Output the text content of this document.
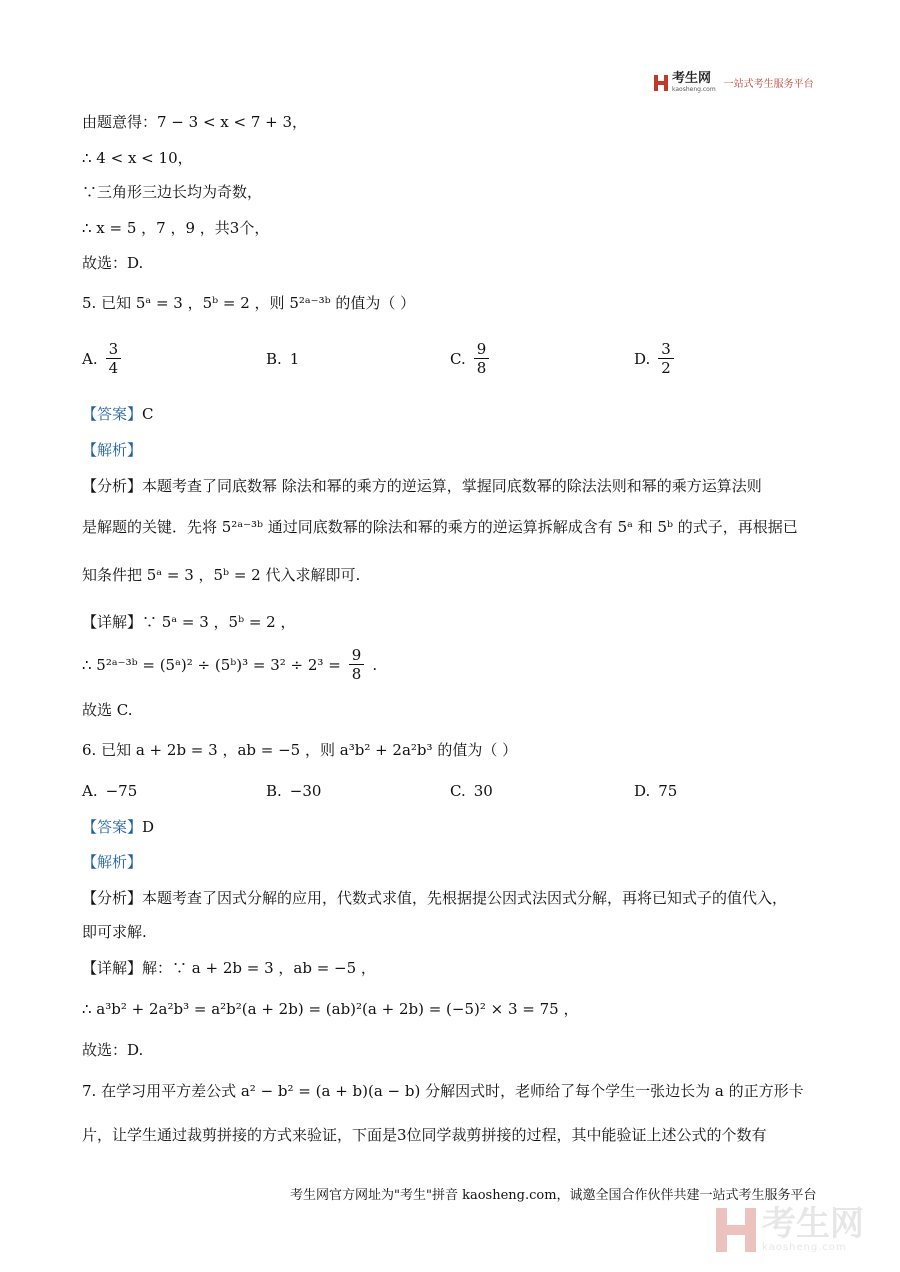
考生网
kaosheng.com 一站式考生服务平台
由题意得：7 − 3 < x < 7 + 3，
∴ 4 < x < 10，
∵三角形三边长均为奇数，
∴ x = 5 ，7 ，9 ，共3个，
故选：D.
5. 已知 5ᵃ = 3 ，5ᵇ = 2 ，则 5²ᵃ⁻³ᵇ 的值为（ ）
A. $\frac{3}{4}$	B. 1	C. $\frac{9}{8}$	D. $\frac{3}{2}$
【答案】C
【解析】
【分析】本题考查了同底数幂 除法和幂的乘方的逆运算，掌握同底数幂的除法法则和幂的乘方运算法则
是解题的关键．先将 5²ᵃ⁻³ᵇ 通过同底数幂的除法和幂的乘方的逆运算拆解成含有 5ᵃ 和 5ᵇ 的式子，再根据已
知条件把 5ᵃ = 3 ，5ᵇ = 2 代入求解即可.
【详解】∵ 5ᵃ = 3 ，5ᵇ = 2 ，
∴ 5²ᵃ⁻³ᵇ = (5ᵃ)² ÷ (5ᵇ)³ = $3^2 \div 2^3 = \frac{9}{8}$ .
故选 C.
6. 已知 a + 2b = 3 ，ab = −5 ，则 a³b² + 2a²b³ 的值为（ ）
A. −75	B. −30	C. 30	D. 75
【答案】D
【解析】
【分析】本题考查了因式分解的应用，代数式求值，先根据提公因式法因式分解，再将已知式子的值代入，
即可求解.
【详解】解：∵ a + 2b = 3 ，ab = −5 ，
∴ a³b² + 2a²b³ = a²b²(a + 2b) = (ab)²(a + 2b) = (−5)² × 3 = 75 ，
故选：D.
7. 在学习用平方差公式 a² − b² = (a + b)(a − b) 分解因式时，老师给了每个学生一张边长为 a 的正方形卡
片，让学生通过裁剪拼接的方式来验证，下面是3位同学裁剪拼接的过程，其中能验证上述公式的个数有
考生网官方网址为"考生"拼音 kaosheng.com，诚邀全国合作伙伴共建一站式考生服务平台
考生网
kaosheng.com
